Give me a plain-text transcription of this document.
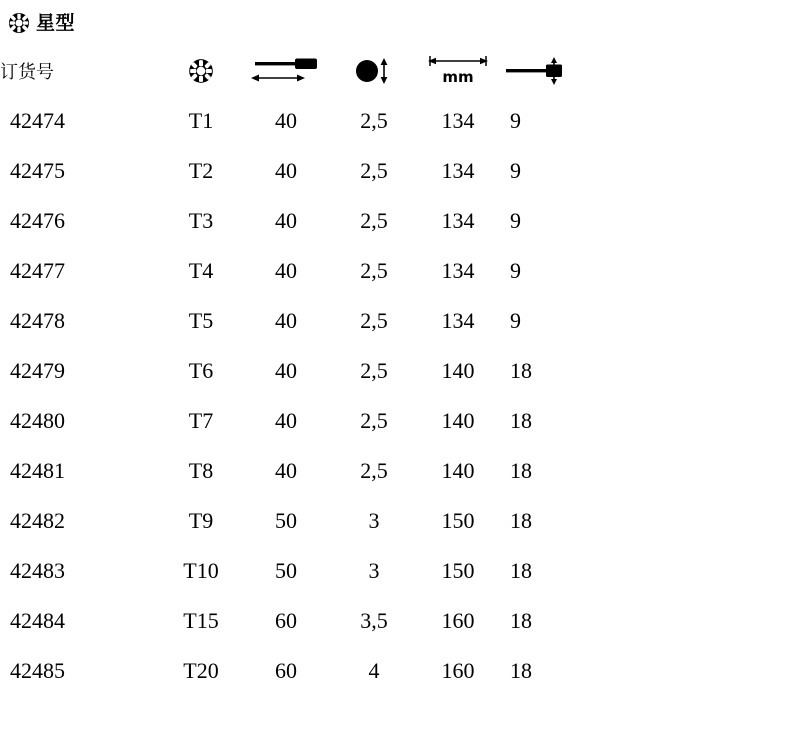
星型
订货号				mm

42474	T1	40	2,5	134	9
42475	T2	40	2,5	134	9
42476	T3	40	2,5	134	9
42477	T4	40	2,5	134	9
42478	T5	40	2,5	134	9
42479	T6	40	2,5	140	18
42480	T7	40	2,5	140	18
42481	T8	40	2,5	140	18
42482	T9	50	3	150	18
42483	T10	50	3	150	18
42484	T15	60	3,5	160	18
42485	T20	60	4	160	18
